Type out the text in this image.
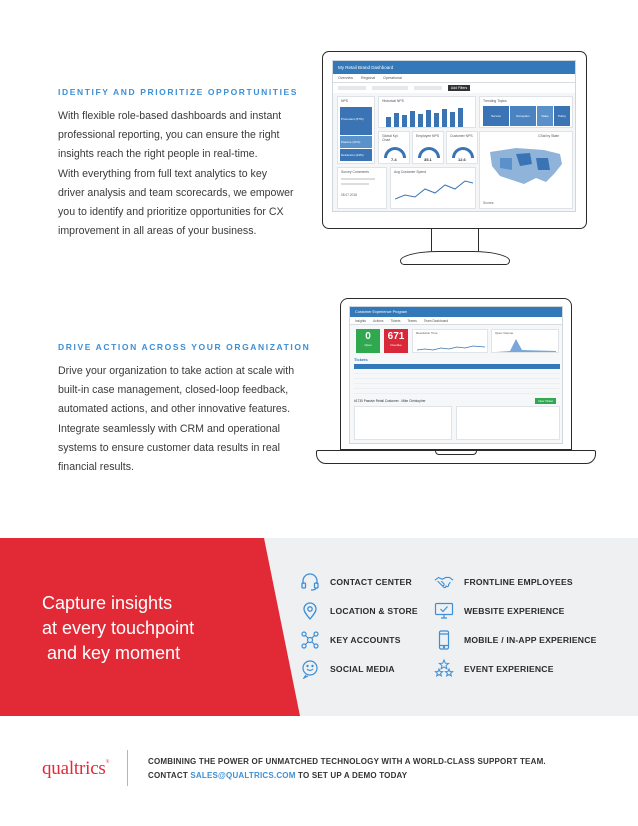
IDENTIFY AND PRIORITIZE OPPORTUNITIES
With flexible role-based dashboards and instant
professional reporting, you can ensure the right
insights reach the right people in real-time.
With everything from full text analytics to key
driver analysis and team scorecards, we empower
you to identify and prioritize opportunities for CX
improvement in all areas of your business.
My Retail Brand Dashboard
Overview Regional Operational
Add Filters
NPS
Promoters (57%)
Passive (21%)
Detractors (22%)
Historical NPS	Trending Topics
Service	Reception	Value	Policy
Global Kpi Chart
7.4
Employee NPS
35.1
Customer NPS
12.6
CSat by State
Scores
Survey Comments
08.07.2018
Avg Customer Spend
DRIVE ACTION ACROSS YOUR ORGANIZATION
Drive your organization to take action at scale with
built-in case management, closed-loop feedback,
automated actions, and other innovative features.
Integrate seamlessly with CRM and operational
systems to ensure customer data results in real
financial results.
Customer Experience Program
Insights Actions Tickets Teams Team Dashboard
0
Open
671
Overdue
Resolution Time	Open Volume
Tickets
#1730 Passive Retail Customer - Mike Christopher	New Ticket
Capture insights
at every touchpoint
and key moment
CONTACT CENTER
LOCATION & STORE
KEY ACCOUNTS
SOCIAL MEDIA
FRONTLINE EMPLOYEES
WEBSITE EXPERIENCE
MOBILE / IN-APP EXPERIENCE
EVENT EXPERIENCE
qualtrics®	COMBINING THE POWER OF UNMATCHED TECHNOLOGY WITH A WORLD-CLASS SUPPORT TEAM.
CONTACT SALES@QUALTRICS.COM TO SET UP A DEMO TODAY
